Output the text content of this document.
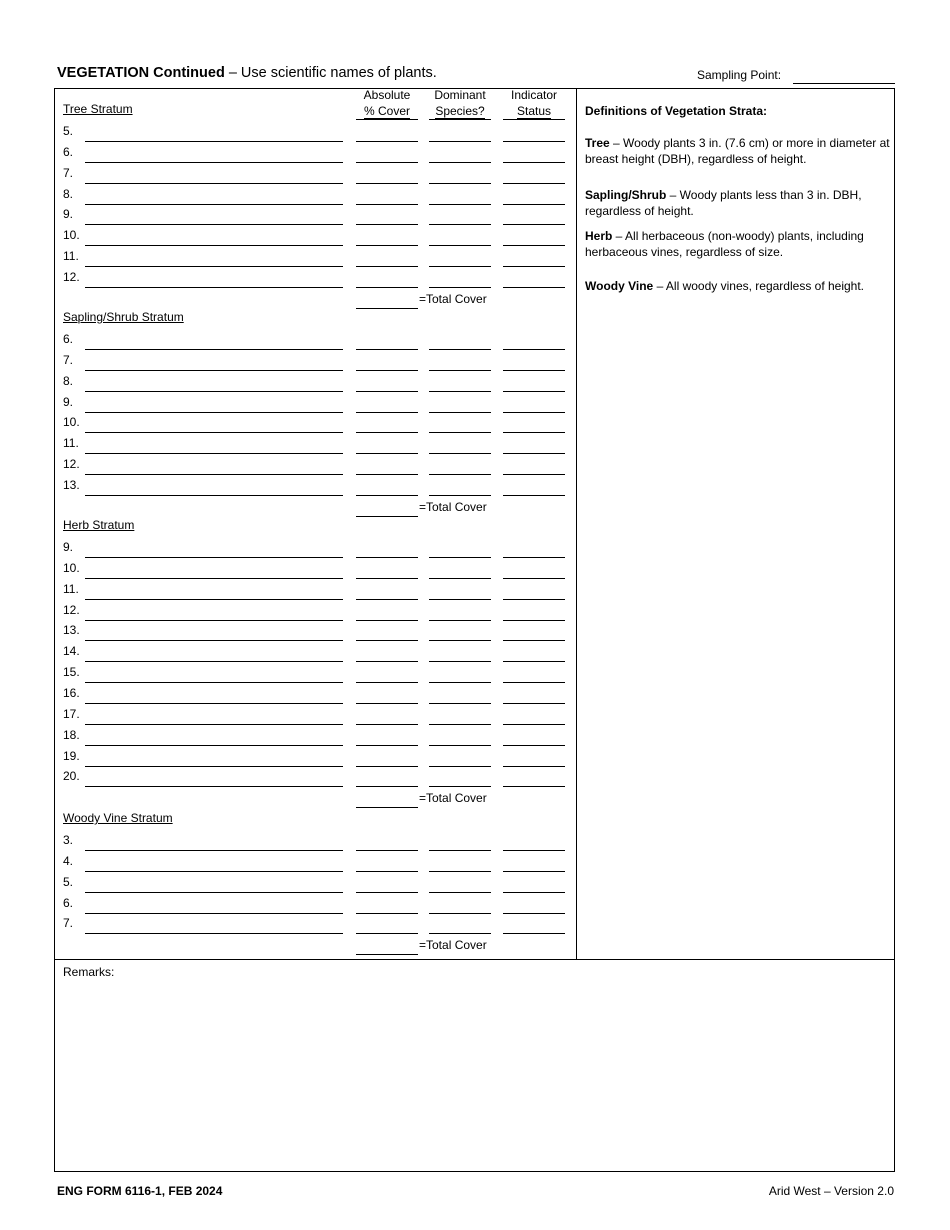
VEGETATION Continued – Use scientific names of plants.	Sampling Point:
Absolute
% Cover
Dominant
Species?
Indicator
Status
Tree Stratum
5.
6.
7.
8.
9.
10.
11.
12.
=Total Cover
Sapling/Shrub Stratum
6.
7.
8.
9.
10.
11.
12.
13.
=Total Cover
Herb Stratum
9.
10.
11.
12.
13.
14.
15.
16.
17.
18.
19.
20.
=Total Cover
Woody Vine Stratum
3.
4.
5.
6.
7.
=Total Cover

Definitions of Vegetation Strata:

Tree – Woody plants 3 in. (7.6 cm) or more in diameter at breast height (DBH), regardless of height.
Sapling/Shrub – Woody plants less than 3 in. DBH, regardless of height.
Herb – All herbaceous (non-woody) plants, including herbaceous vines, regardless of size.
Woody Vine – All woody vines, regardless of height.
Remarks:
ENG FORM 6116-1, FEB 2024	Arid West – Version 2.0
